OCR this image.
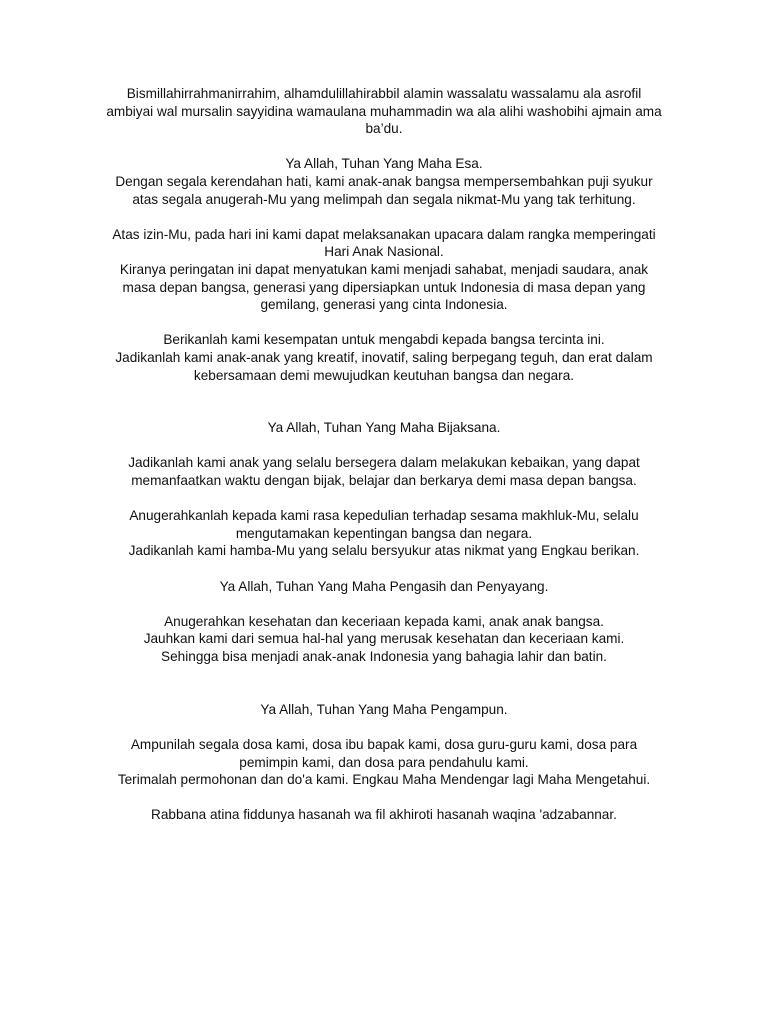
Bismillahirrahmanirrahim, alhamdulillahirabbil alamin wassalatu wassalamu ala asrofil
ambiyai wal mursalin sayyidina wamaulana muhammadin wa ala alihi washobihi ajmain ama
ba’du.
Ya Allah, Tuhan Yang Maha Esa.
Dengan segala kerendahan hati, kami anak-anak bangsa mempersembahkan puji syukur
atas segala anugerah-Mu yang melimpah dan segala nikmat-Mu yang tak terhitung.
Atas izin-Mu, pada hari ini kami dapat melaksanakan upacara dalam rangka memperingati
Hari Anak Nasional.
Kiranya peringatan ini dapat menyatukan kami menjadi sahabat, menjadi saudara, anak
masa depan bangsa, generasi yang dipersiapkan untuk Indonesia di masa depan yang
gemilang, generasi yang cinta Indonesia.
Berikanlah kami kesempatan untuk mengabdi kepada bangsa tercinta ini.
Jadikanlah kami anak-anak yang kreatif, inovatif, saling berpegang teguh, dan erat dalam
kebersamaan demi mewujudkan keutuhan bangsa dan negara.
Ya Allah, Tuhan Yang Maha Bijaksana.
Jadikanlah kami anak yang selalu bersegera dalam melakukan kebaikan, yang dapat
memanfaatkan waktu dengan bijak, belajar dan berkarya demi masa depan bangsa.
Anugerahkanlah kepada kami rasa kepedulian terhadap sesama makhluk-Mu, selalu
mengutamakan kepentingan bangsa dan negara.
Jadikanlah kami hamba-Mu yang selalu bersyukur atas nikmat yang Engkau berikan.
Ya Allah, Tuhan Yang Maha Pengasih dan Penyayang.
Anugerahkan kesehatan dan keceriaan kepada kami, anak anak bangsa.
Jauhkan kami dari semua hal-hal yang merusak kesehatan dan keceriaan kami.
Sehingga bisa menjadi anak-anak Indonesia yang bahagia lahir dan batin.
Ya Allah, Tuhan Yang Maha Pengampun.
Ampunilah segala dosa kami, dosa ibu bapak kami, dosa guru-guru kami, dosa para
pemimpin kami, dan dosa para pendahulu kami.
Terimalah permohonan dan do'a kami. Engkau Maha Mendengar lagi Maha Mengetahui.
Rabbana atina fiddunya hasanah wa fil akhiroti hasanah waqina 'adzabannar.
